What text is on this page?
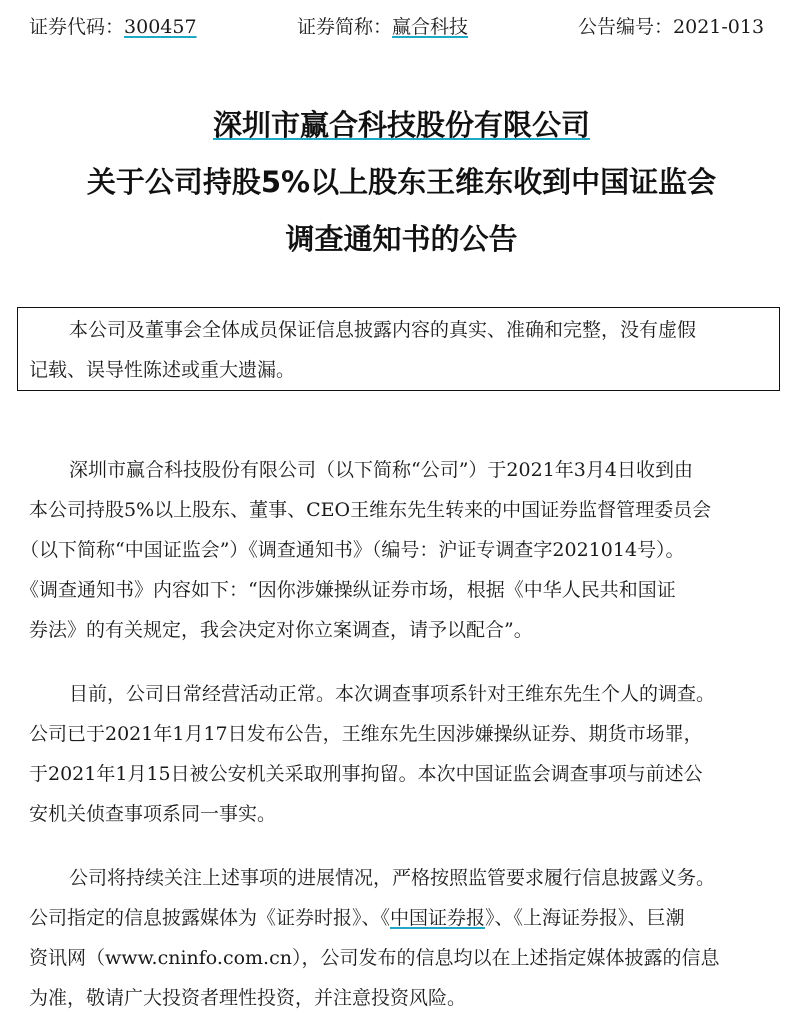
证券代码：300457	证券简称：赢合科技	公告编号：2021-013
深圳市赢合科技股份有限公司
关于公司持股5%以上股东王维东收到中国证监会
调查通知书的公告
本公司及董事会全体成员保证信息披露内容的真实、准确和完整，没有虚假
记载、误导性陈述或重大遗漏。
深圳市赢合科技股份有限公司（以下简称“公司”）于2021年3月4日收到由
本公司持股5%以上股东、董事、CEO王维东先生转来的中国证券监督管理委员会
（以下简称“中国证监会”）《调查通知书》（编号：沪证专调查字2021014号）。
《调查通知书》内容如下：“因你涉嫌操纵证券市场，根据《中华人民共和国证
券法》的有关规定，我会决定对你立案调查，请予以配合”。
目前，公司日常经营活动正常。本次调查事项系针对王维东先生个人的调查。
公司已于2021年1月17日发布公告，王维东先生因涉嫌操纵证券、期货市场罪，
于2021年1月15日被公安机关采取刑事拘留。本次中国证监会调查事项与前述公
安机关侦查事项系同一事实。
公司将持续关注上述事项的进展情况，严格按照监管要求履行信息披露义务。
公司指定的信息披露媒体为《证券时报》、《中国证券报》、《上海证券报》、巨潮
资讯网（www.cninfo.com.cn），公司发布的信息均以在上述指定媒体披露的信息
为准，敬请广大投资者理性投资，并注意投资风险。
